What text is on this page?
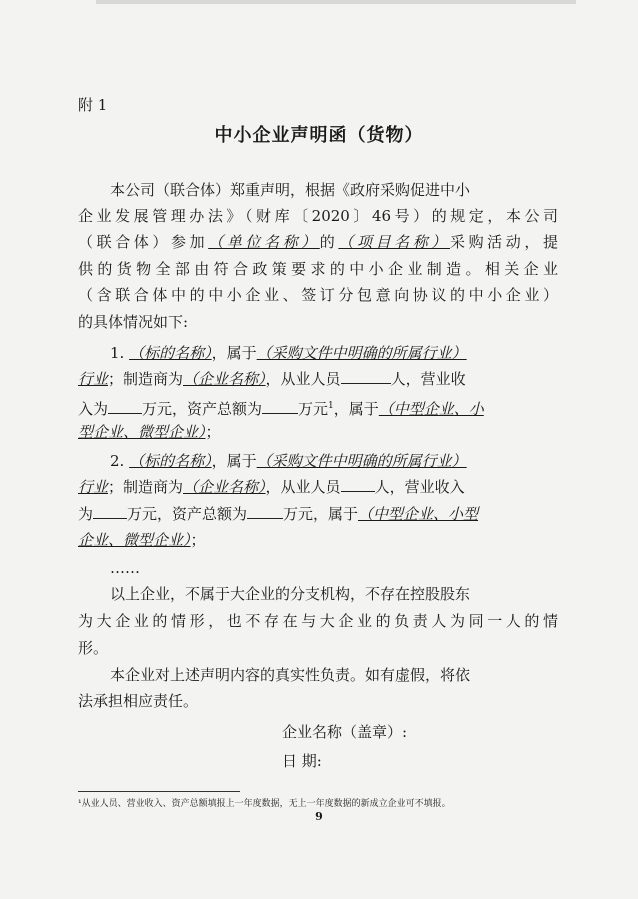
附 1
中小企业声明函（货物）
本公司（联合体）郑重声明，根据《政府采购促进中小
企业发展管理办法》（财库〔2020〕46号）的规定，本公司
（联合体）参加（单位名称）的（项目名称）采购活动，提
供的货物全部由符合政策要求的中小企业制造。相关企业
（含联合体中的中小企业、签订分包意向协议的中小企业）
的具体情况如下:
1. （标的名称），属于（采购文件中明确的所属行业）
行业；制造商为（企业名称），从业人员	人，营业收
入为 万元，资产总额为 万元$^1$，属于（中型企业、小
型企业、微型企业）；
2. （标的名称），属于（采购文件中明确的所属行业）
行业；制造商为（企业名称），从业人员 人，营业收入
为 万元，资产总额为 万元，属于（中型企业、小型
企业、微型企业）；
……
以上企业，不属于大企业的分支机构，不存在控股股东
为大企业的情形，也不存在与大企业的负责人为同一人的情
形。
本企业对上述声明内容的真实性负责。如有虚假，将依
法承担相应责任。
企业名称（盖章）:
日 期:
¹从业人员、营业收入、资产总额填报上一年度数据，无上一年度数据的新成立企业可不填报。
9
